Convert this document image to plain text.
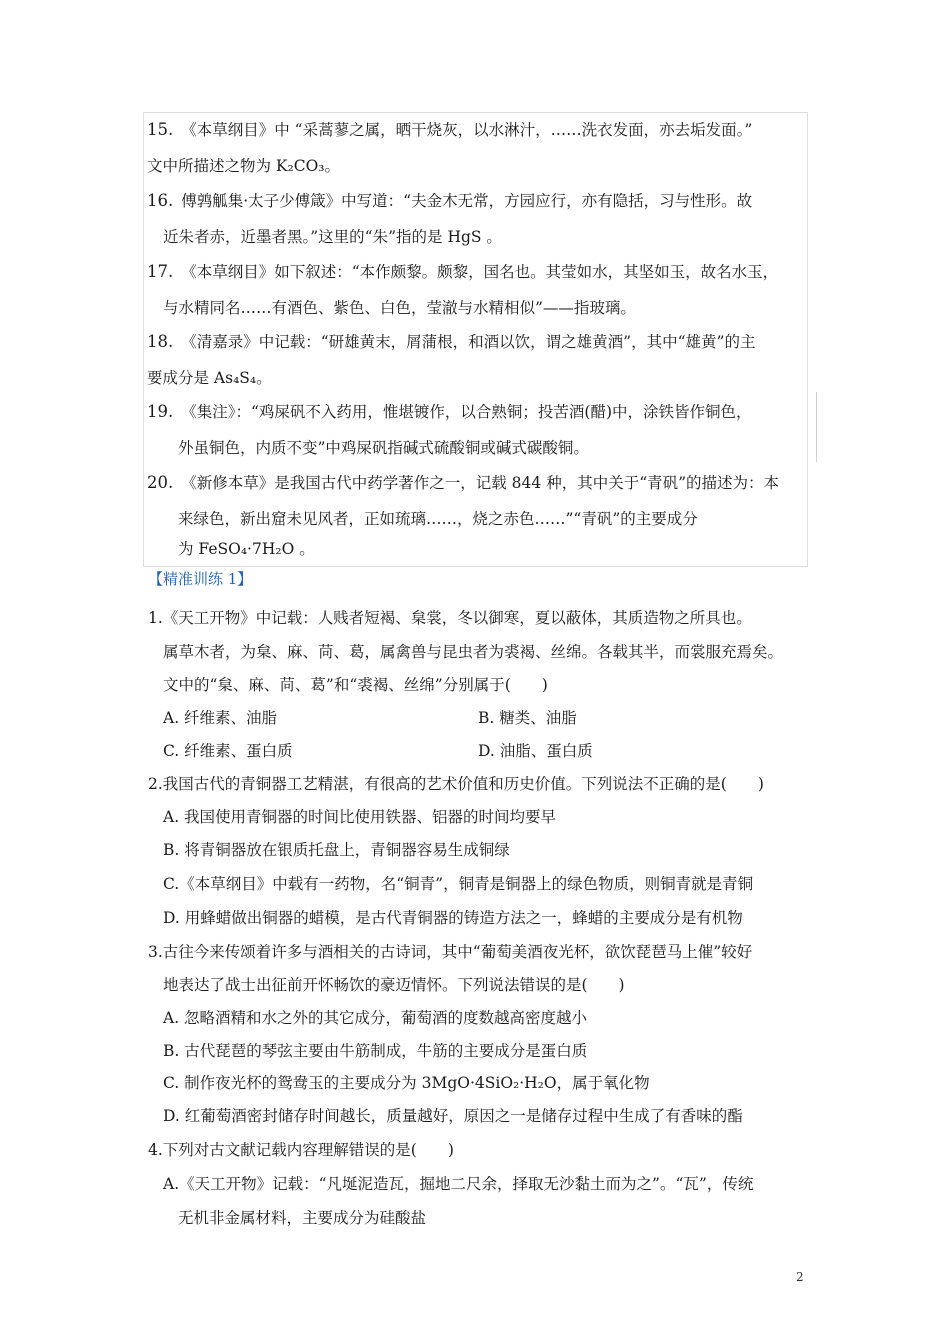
15. 《本草纲目》中 “采蒿蓼之属，晒干烧灰，以水淋汁，……洗衣发面，亦去垢发面。”
文中所描述之物为 K₂CO₃。
16. 傅鹑觚集·太子少傅箴》中写道：“夫金木无常，方园应行，亦有隐括，习与性形。故
近朱者赤，近墨者黑。”这里的“朱”指的是 HgS 。
17. 《本草纲目》如下叙述：“本作颇黎。颇黎，国名也。其莹如水，其坚如玉，故名水玉，
与水精同名……有酒色、紫色、白色，莹澈与水精相似”——指玻璃。
18. 《清嘉录》中记载：“研雄黄末，屑蒲根，和酒以饮，谓之雄黄酒”，其中“雄黄”的主
要成分是 As₄S₄。
19. 《集注》：“鸡屎矾不入药用，惟堪镀作，以合熟铜；投苦酒(醋)中，涂铁皆作铜色，
外虽铜色，内质不变”中鸡屎矾指碱式硫酸铜或碱式碳酸铜。
20. 《新修本草》是我国古代中药学著作之一，记载 844 种，其中关于“青矾”的描述为：本
来绿色，新出窟未见风者，正如琉璃……，烧之赤色……”“青矾”的主要成分
为 FeSO₄·7H₂O 。
【精准训练 1】
1.《天工开物》中记载：人贱者短褐、枲裳，冬以御寒，夏以蔽体，其质造物之所具也。
属草木者，为枲、麻、苘、葛，属禽兽与昆虫者为裘褐、丝绵。各载其半，而裳服充焉矣。
文中的“枲、麻、苘、葛”和“裘褐、丝绵”分别属于(　　)
A. 纤维素、油脂	B. 糖类、油脂
C. 纤维素、蛋白质	D. 油脂、蛋白质
2.我国古代的青铜器工艺精湛，有很高的艺术价值和历史价值。下列说法不正确的是(　　)
A. 我国使用青铜器的时间比使用铁器、铝器的时间均要早
B. 将青铜器放在银质托盘上，青铜器容易生成铜绿
C.《本草纲目》中载有一药物，名“铜青”，铜青是铜器上的绿色物质，则铜青就是青铜
D. 用蜂蜡做出铜器的蜡模，是古代青铜器的铸造方法之一，蜂蜡的主要成分是有机物
3.古往今来传颂着许多与酒相关的古诗词，其中“葡萄美酒夜光杯，欲饮琵琶马上催”较好
地表达了战士出征前开怀畅饮的豪迈情怀。下列说法错误的是(　　)
A. 忽略酒精和水之外的其它成分，葡萄酒的度数越高密度越小
B. 古代琵琶的琴弦主要由牛筋制成，牛筋的主要成分是蛋白质
C. 制作夜光杯的鸳鸯玉的主要成分为 3MgO·4SiO₂·H₂O，属于氧化物
D. 红葡萄酒密封储存时间越长，质量越好，原因之一是储存过程中生成了有香味的酯
4.下列对古文献记载内容理解错误的是(　　)
A.《天工开物》记载：“凡埏泥造瓦，掘地二尺余，择取无沙黏土而为之”。“瓦”，传统
无机非金属材料，主要成分为硅酸盐
2
